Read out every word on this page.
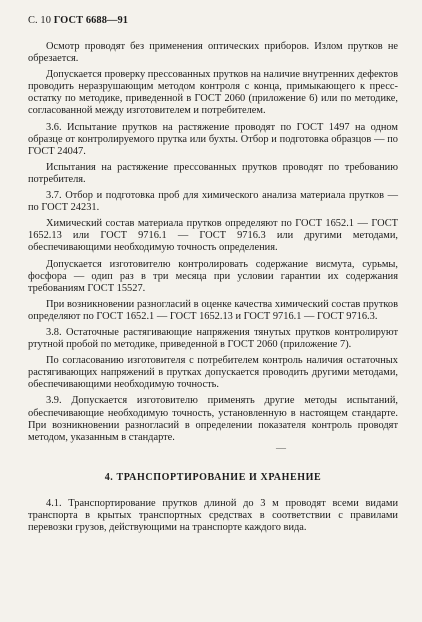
С. 10 ГОСТ 6688—91

Осмотр проводят без применения оптических приборов. Излом прутков не обрезается.

Допускается проверку прессованных прутков на наличие внутренних дефектов проводить неразрушающим методом контроля с конца, примыкающего к пресс-остатку по методике, приведенной в ГОСТ 2060 (приложение 6) или по методике, согласованной между изготовителем и потребителем.

3.6. Испытание прутков на растяжение проводят по ГОСТ 1497 на одном образце от контролируемого прутка или бухты. Отбор и подготовка образцов — по ГОСТ 24047.

Испытания на растяжение прессованных прутков проводят по требованию потребителя.

3.7. Отбор и подготовка проб для химического анализа материала прутков — по ГОСТ 24231.

Химический состав материала прутков определяют по ГОСТ 1652.1 — ГОСТ 1652.13 или ГОСТ 9716.1 — ГОСТ 9716.3 или другими методами, обеспечивающими необходимую точность определения.

Допускается изготовителю контролировать содержание висмута, сурьмы, фосфора — одип раз в три месяца при условии гарантии их содержания требованиям ГОСТ 15527.

При возникновении разногласий в оценке качества химический состав прутков определяют по ГОСТ 1652.1 — ГОСТ 1652.13 и ГОСТ 9716.1 — ГОСТ 9716.3.

3.8. Остаточные растягивающие напряжения тянутых прутков контролируют ртутной пробой по методике, приведенной в ГОСТ 2060 (приложение 7).

По согласованию изготовителя с потребителем контроль наличия остаточных растягивающих напряжений в прутках допускается проводить другими методами, обеспечивающими необходимую точность.

3.9. Допускается изготовителю применять другие методы испытаний, обеспечивающие необходимую точность, установленную в настоящем стандарте. При возникновении разногласий в определении показателя контроль проводят методом, указанным в стандарте.

—
4. ТРАНСПОРТИРОВАНИЕ И ХРАНЕНИЕ

4.1. Транспортирование прутков длиной до 3 м проводят всеми видами транспорта в крытых транспортных средствах в соответствии с правилами перевозки грузов, действующими на транспорте каждого вида.
